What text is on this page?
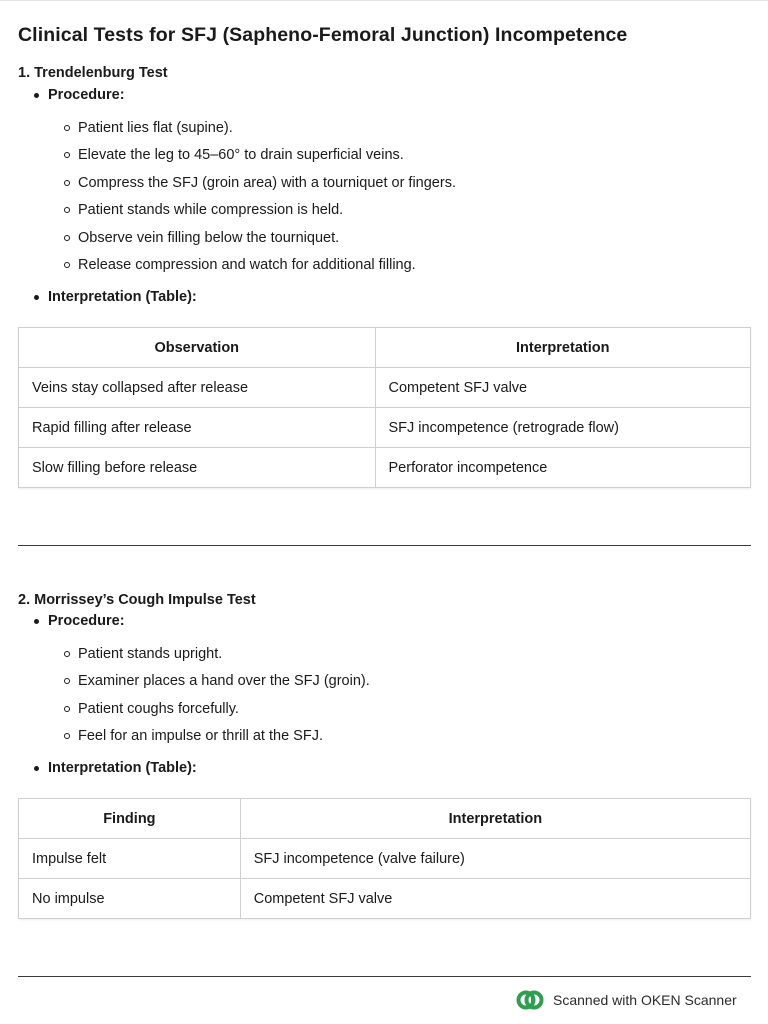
Clinical Tests for SFJ (Sapheno-Femoral Junction) Incompetence
1. Trendelenburg Test
Procedure:
Patient lies flat (supine).
Elevate the leg to 45–60° to drain superficial veins.
Compress the SFJ (groin area) with a tourniquet or fingers.
Patient stands while compression is held.
Observe vein filling below the tourniquet.
Release compression and watch for additional filling.
Interpretation (Table):
Observation	Interpretation
Veins stay collapsed after release	Competent SFJ valve
Rapid filling after release	SFJ incompetence (retrograde flow)
Slow filling before release	Perforator incompetence
2. Morrissey’s Cough Impulse Test
Procedure:
Patient stands upright.
Examiner places a hand over the SFJ (groin).
Patient coughs forcefully.
Feel for an impulse or thrill at the SFJ.
Interpretation (Table):
Finding	Interpretation
Impulse felt	SFJ incompetence (valve failure)
No impulse	Competent SFJ valve
Scanned with OKEN Scanner
